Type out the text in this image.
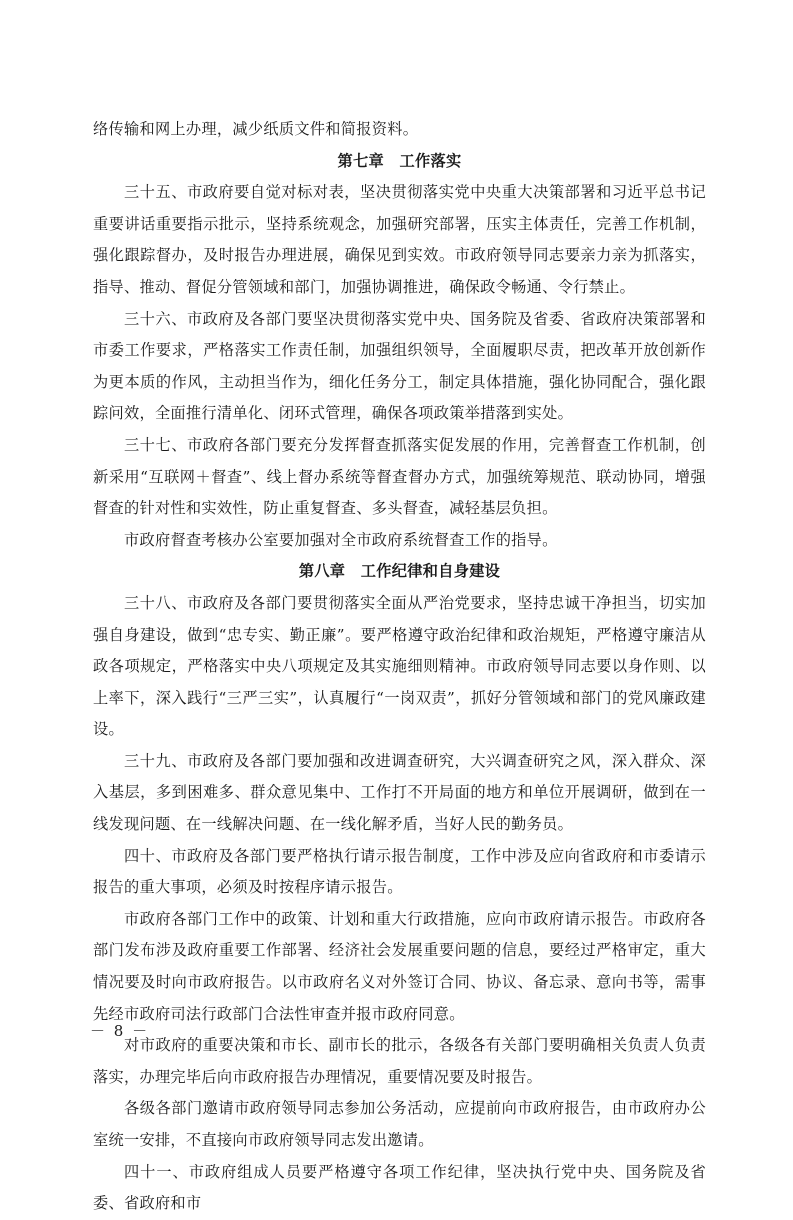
络传输和网上办理，减少纸质文件和简报资料。

第七章　工作落实

三十五、市政府要自觉对标对表，坚决贯彻落实党中央重大决策部署和习近平总书记重要讲话重要指示批示，坚持系统观念，加强研究部署，压实主体责任，完善工作机制，强化跟踪督办，及时报告办理进展，确保见到实效。市政府领导同志要亲力亲为抓落实，指导、推动、督促分管领域和部门，加强协调推进，确保政令畅通、令行禁止。

三十六、市政府及各部门要坚决贯彻落实党中央、国务院及省委、省政府决策部署和市委工作要求，严格落实工作责任制，加强组织领导，全面履职尽责，把改革开放创新作为更本质的作风，主动担当作为，细化任务分工，制定具体措施，强化协同配合，强化跟踪问效，全面推行清单化、闭环式管理，确保各项政策举措落到实处。

三十七、市政府各部门要充分发挥督查抓落实促发展的作用，完善督查工作机制，创新采用“互联网＋督查”、线上督办系统等督查督办方式，加强统筹规范、联动协同，增强督查的针对性和实效性，防止重复督查、多头督查，减轻基层负担。

市政府督查考核办公室要加强对全市政府系统督查工作的指导。

第八章　工作纪律和自身建设

三十八、市政府及各部门要贯彻落实全面从严治党要求，坚持忠诚干净担当，切实加强自身建设，做到“忠专实、勤正廉”。要严格遵守政治纪律和政治规矩，严格遵守廉洁从政各项规定，严格落实中央八项规定及其实施细则精神。市政府领导同志要以身作则、以上率下，深入践行“三严三实”，认真履行“一岗双责”，抓好分管领域和部门的党风廉政建设。

三十九、市政府及各部门要加强和改进调查研究，大兴调查研究之风，深入群众、深入基层，多到困难多、群众意见集中、工作打不开局面的地方和单位开展调研，做到在一线发现问题、在一线解决问题、在一线化解矛盾，当好人民的勤务员。

四十、市政府及各部门要严格执行请示报告制度，工作中涉及应向省政府和市委请示报告的重大事项，必须及时按程序请示报告。

市政府各部门工作中的政策、计划和重大行政措施，应向市政府请示报告。市政府各部门发布涉及政府重要工作部署、经济社会发展重要问题的信息，要经过严格审定，重大情况要及时向市政府报告。以市政府名义对外签订合同、协议、备忘录、意向书等，需事先经市政府司法行政部门合法性审查并报市政府同意。

对市政府的重要决策和市长、副市长的批示，各级各有关部门要明确相关负责人负责落实，办理完毕后向市政府报告办理情况，重要情况要及时报告。

各级各部门邀请市政府领导同志参加公务活动，应提前向市政府报告，由市政府办公室统一安排，不直接向市政府领导同志发出邀请。

四十一、市政府组成人员要严格遵守各项工作纪律，坚决执行党中央、国务院及省委、省政府和市

－ 8 －
